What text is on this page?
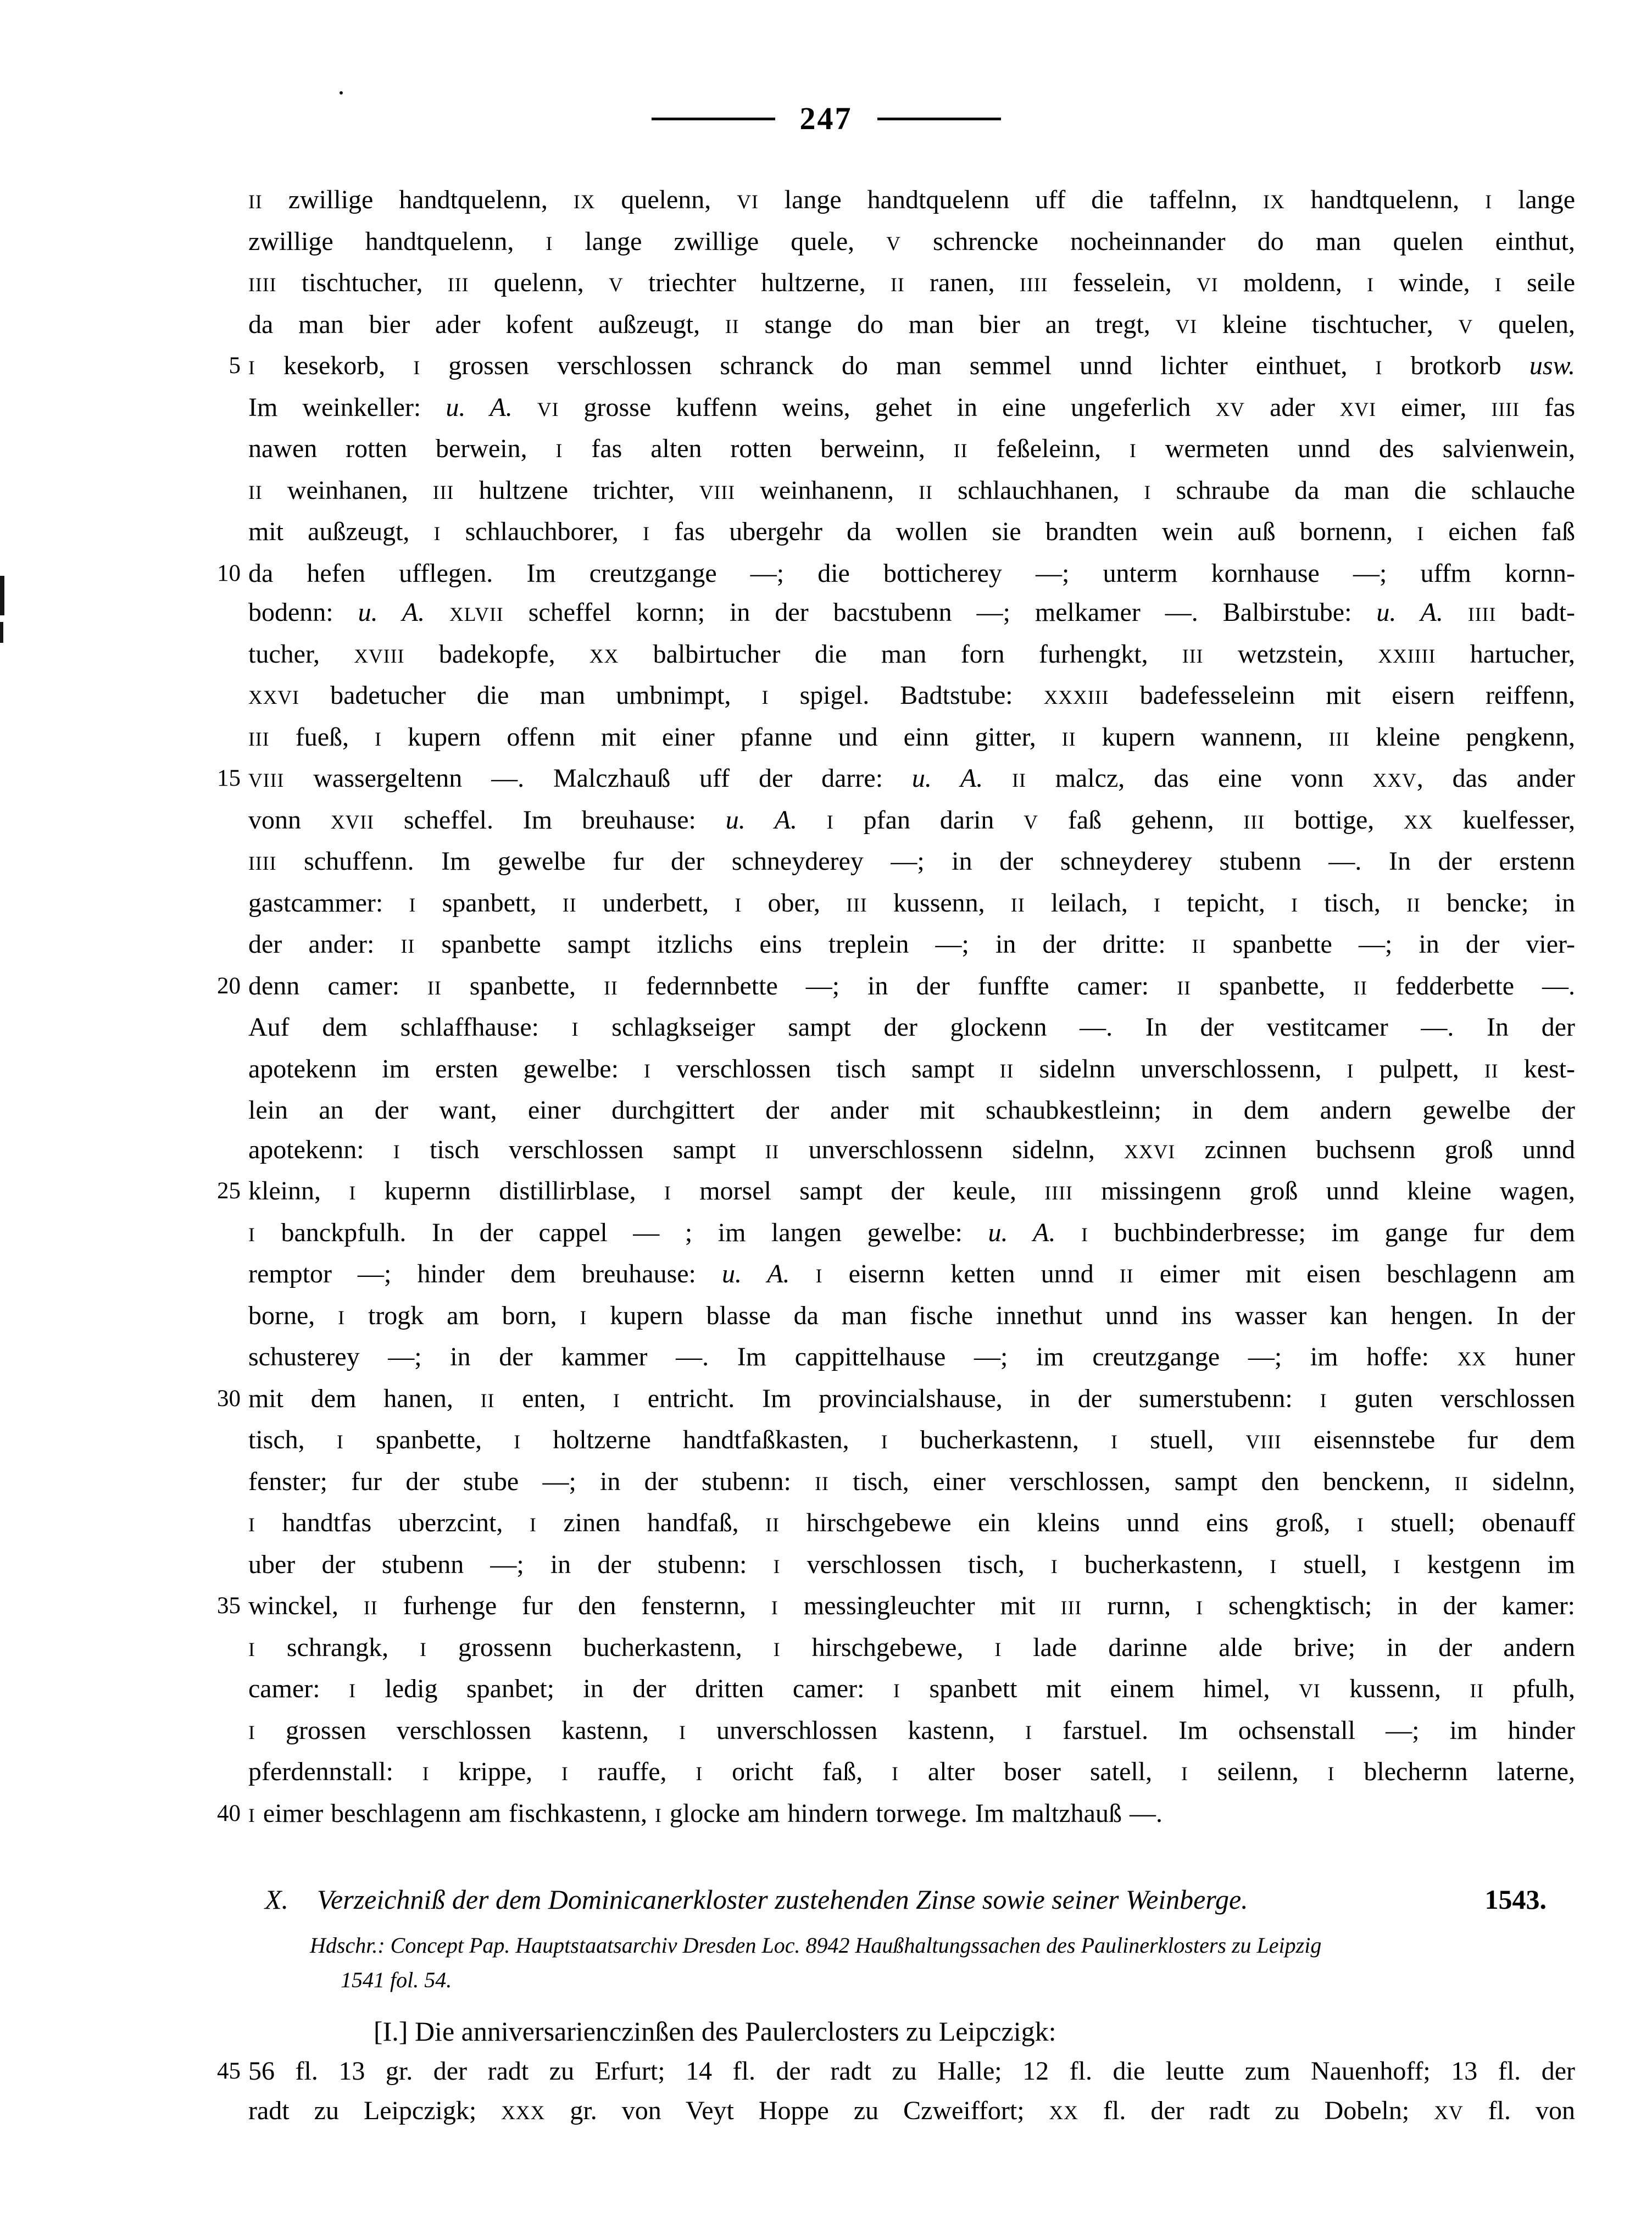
247
II zwillige handtquelenn, IX quelenn, VI lange handtquelenn uff die taffelnn, IX handtquelenn, I lange
zwillige handtquelenn, I lange zwillige quele, V schrencke nocheinnander do man quelen einthut,
IIII tischtucher, III quelenn, V triechter hultzerne, II ranen, IIII fesselein, VI moldenn, I winde, I seile
da man bier ader kofent außzeugt, II stange do man bier an tregt, VI kleine tischtucher, V quelen,
5 I kesekorb, I grossen verschlossen schranck do man semmel unnd lichter einthuet, I brotkorb usw.
Im weinkeller: u. A. VI grosse kuffenn weins, gehet in eine ungeferlich XV ader XVI eimer, IIII fas
nawen rotten berwein, I fas alten rotten berweinn, II feßeleinn, I wermeten unnd des salvienwein,
II weinhanen, III hultzene trichter, VIII weinhanenn, II schlauchhanen, I schraube da man die schlauche
mit außzeugt, I schlauchborer, I fas ubergehr da wollen sie brandten wein auß bornenn, I eichen faß
10 da hefen ufflegen. Im creutzgange —; die botticherey —; unterm kornhause —; uffm kornn-
bodenn: u. A. XLVII scheffel kornn; in der bacstubenn —; melkamer —. Balbirstube: u. A. IIII badt-
tucher, XVIII badekopfe, XX balbirtucher die man forn furhengkt, III wetzstein, XXIIII hartucher,
XXVI badetucher die man umbnimpt, I spigel. Badtstube: XXXIII badefesseleinn mit eisern reiffenn,
III fueß, I kupern offenn mit einer pfanne und einn gitter, II kupern wannenn, III kleine pengkenn,
15 VIII wassergeltenn —. Malczhauß uff der darre: u. A. II malcz, das eine vonn XXV, das ander
vonn XVII scheffel. Im breuhause: u. A. I pfan darin V faß gehenn, III bottige, XX kuelfesser,
IIII schuffenn. Im gewelbe fur der schneyderey —; in der schneyderey stubenn —. In der erstenn
gastcammer: I spanbett, II underbett, I ober, III kussenn, II leilach, I tepicht, I tisch, II bencke; in
der ander: II spanbette sampt itzlichs eins treplein —; in der dritte: II spanbette —; in der vier-
20 denn camer: II spanbette, II federnnbette —; in der funffte camer: II spanbette, II fedderbette —.
Auf dem schlaffhause: I schlagkseiger sampt der glockenn —. In der vestitcamer —. In der
apotekenn im ersten gewelbe: I verschlossen tisch sampt II sidelnn unverschlossenn, I pulpett, II kest-
lein an der want, einer durchgittert der ander mit schaubkestleinn; in dem andern gewelbe der
apotekenn: I tisch verschlossen sampt II unverschlossenn sidelnn, XXVI zcinnen buchsenn groß unnd
25 kleinn, I kupernn distillirblase, I morsel sampt der keule, IIII missingenn groß unnd kleine wagen,
I banckpfulh. In der cappel — ; im langen gewelbe: u. A. I buchbinderbresse; im gange fur dem
remptor —; hinder dem breuhause: u. A. I eisernn ketten unnd II eimer mit eisen beschlagenn am
borne, I trogk am born, I kupern blasse da man fische innethut unnd ins wasser kan hengen. In der
schusterey —; in der kammer —. Im cappittelhause —; im creutzgange —; im hoffe: XX huner
30 mit dem hanen, II enten, I entricht. Im provincialshause, in der sumerstubenn: I guten verschlossen
tisch, I spanbette, I holtzerne handtfaßkasten, I bucherkastenn, I stuell, VIII eisennstebe fur dem
fenster; fur der stube —; in der stubenn: II tisch, einer verschlossen, sampt den benckenn, II sidelnn,
I handtfas uberzcint, I zinen handfaß, II hirschgebewe ein kleins unnd eins groß, I stuell; obenauff
uber der stubenn —; in der stubenn: I verschlossen tisch, I bucherkastenn, I stuell, I kestgenn im
35 winckel, II furhenge fur den fensternn, I messingleuchter mit III rurnn, I schengktisch; in der kamer:
I schrangk, I grossenn bucherkastenn, I hirschgebewe, I lade darinne alde brive; in der andern
camer: I ledig spanbet; in der dritten camer: I spanbett mit einem himel, VI kussenn, II pfulh,
I grossen verschlossen kastenn, I unverschlossen kastenn, I farstuel. Im ochsenstall —; im hinder
pferdennstall: I krippe, I rauffe, I oricht faß, I alter boser satell, I seilenn, I blechernn laterne,
40 I eimer beschlagenn am fischkastenn, I glocke am hindern torwege. Im maltzhauß —.
X. Verzeichniß der dem Dominicanerkloster zustehenden Zinse sowie seiner Weinberge.	1543.
Hdschr.: Concept Pap. Hauptstaatsarchiv Dresden Loc. 8942 Haußhaltungssachen des Paulinerklosters zu Leipzig
1541 fol. 54.
[I.] Die anniversarienczinßen des Paulerclosters zu Leipczigk:
45 56 fl. 13 gr. der radt zu Erfurt; 14 fl. der radt zu Halle; 12 fl. die leutte zum Nauenhoff; 13 fl. der
radt zu Leipczigk; XXX gr. von Veyt Hoppe zu Czweiffort; XX fl. der radt zu Dobeln; XV fl. von
